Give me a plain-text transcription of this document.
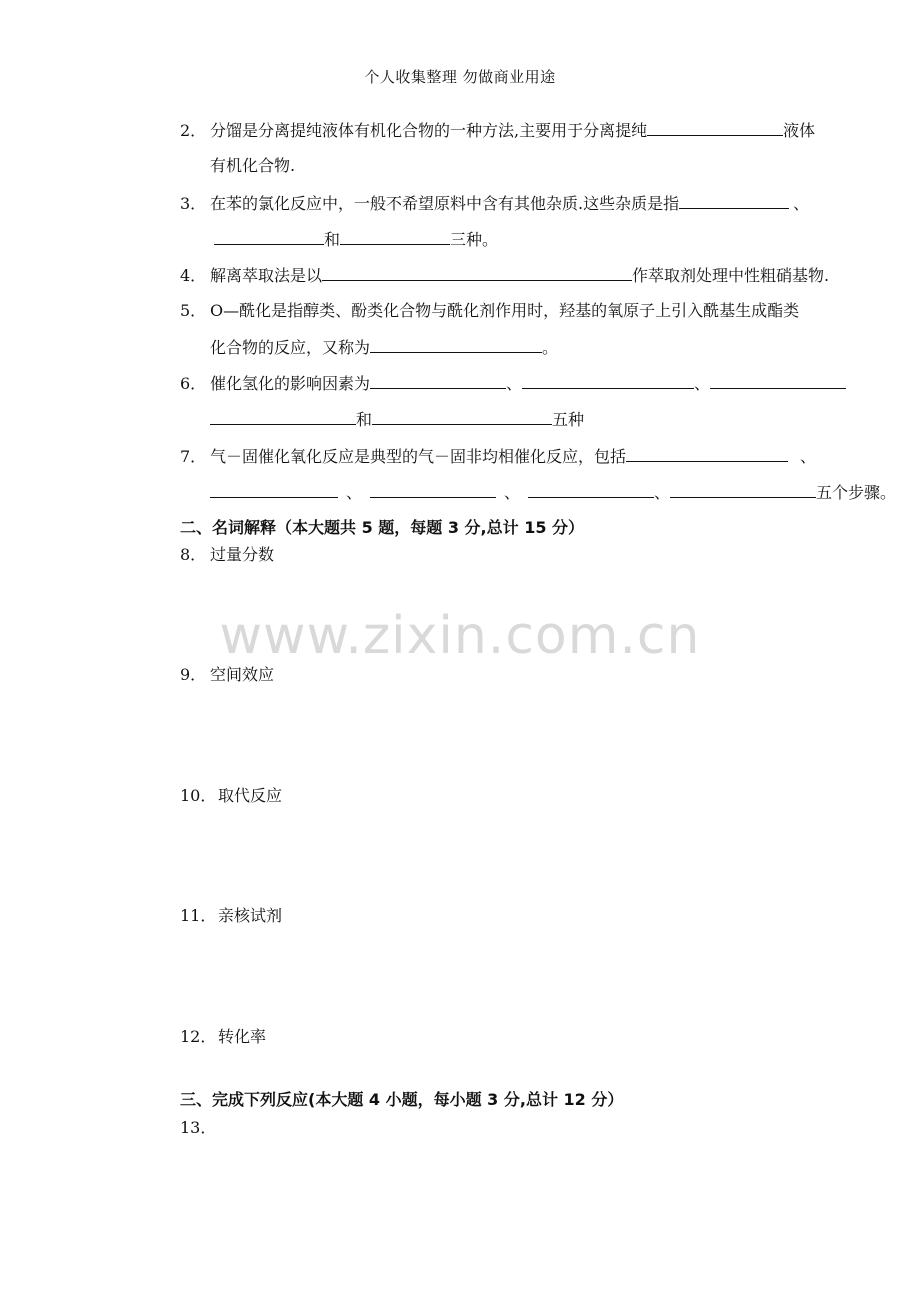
个人收集整理 勿做商业用途
2． 分馏是分离提纯液体有机化合物的一种方法,主要用于分离提纯	液体
有机化合物.
3． 在苯的氯化反应中，一般不希望原料中含有其他杂质.这些杂质是指	、
和	三种。
4． 解离萃取法是以	作萃取剂处理中性粗硝基物.
5． O—酰化是指醇类、酚类化合物与酰化剂作用时，羟基的氧原子上引入酰基生成酯类
化合物的反应，又称为	。
6． 催化氢化的影响因素为	、	、
和	五种
7． 气－固催化氧化反应是典型的气－固非均相催化反应，包括	、
、	、	、	五个步骤。
二、名词解释（本大题共 5 题，每题 3 分,总计 15 分）
8． 过量分数
www.zixin.com.cn
9． 空间效应
10． 取代反应
11． 亲核试剂
12． 转化率
三、完成下列反应(本大题 4 小题，每小题 3 分,总计 12 分）
13．
